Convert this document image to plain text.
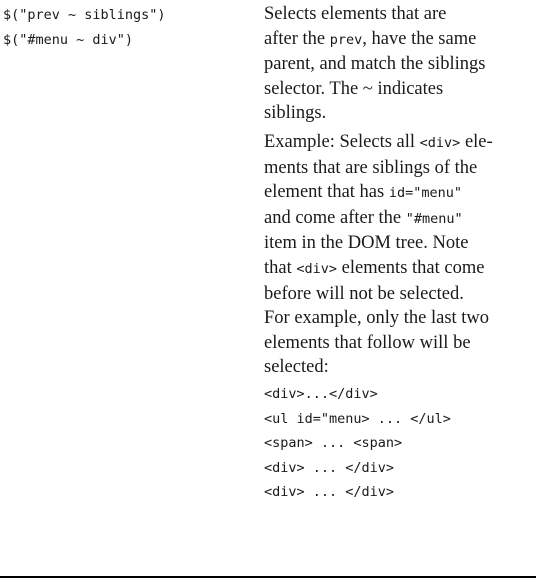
$("prev ~ siblings")
$("#menu ~ div")

Selects elements that are
after the prev, have the same
parent, and match the siblings
selector. The ~ indicates
siblings.

Example: Selects all <div> ele-
ments that are siblings of the
element that has id="menu"
and come after the "#menu"
item in the DOM tree. Note
that <div> elements that come
before will not be selected.
For example, only the last two
elements that follow will be
selected:

<div>...</div>
<ul id="menu> ... </ul>
<span> ... <span>
<div> ... </div>
<div> ... </div>
